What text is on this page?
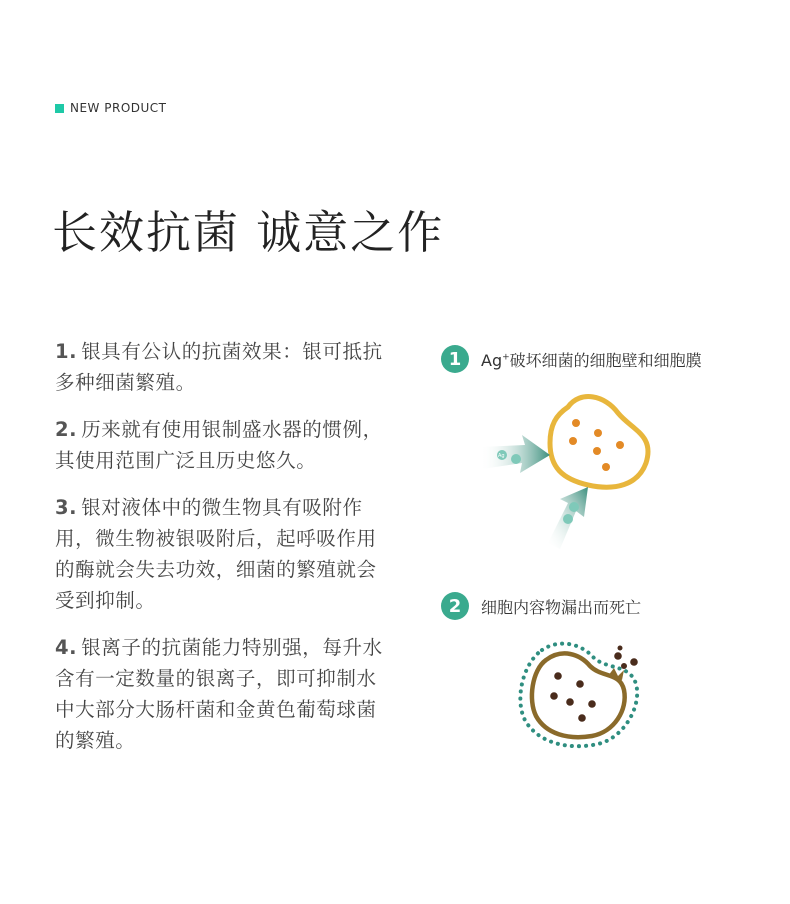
NEW PRODUCT
长效抗菌 诚意之作
1. 银具有公认的抗菌效果：银可抵抗多种细菌繁殖。
2. 历来就有使用银制盛水器的惯例，其使用范围广泛且历史悠久。
3. 银对液体中的微生物具有吸附作用，微生物被银吸附后，起呼吸作用的酶就会失去功效，细菌的繁殖就会受到抑制。
4. 银离子的抗菌能力特别强，每升水含有一定数量的银离子，即可抑制水中大部分大肠杆菌和金黄色葡萄球菌的繁殖。
1	Ag+破坏细菌的细胞壁和细胞膜
Ag
2	细胞内容物漏出而死亡
